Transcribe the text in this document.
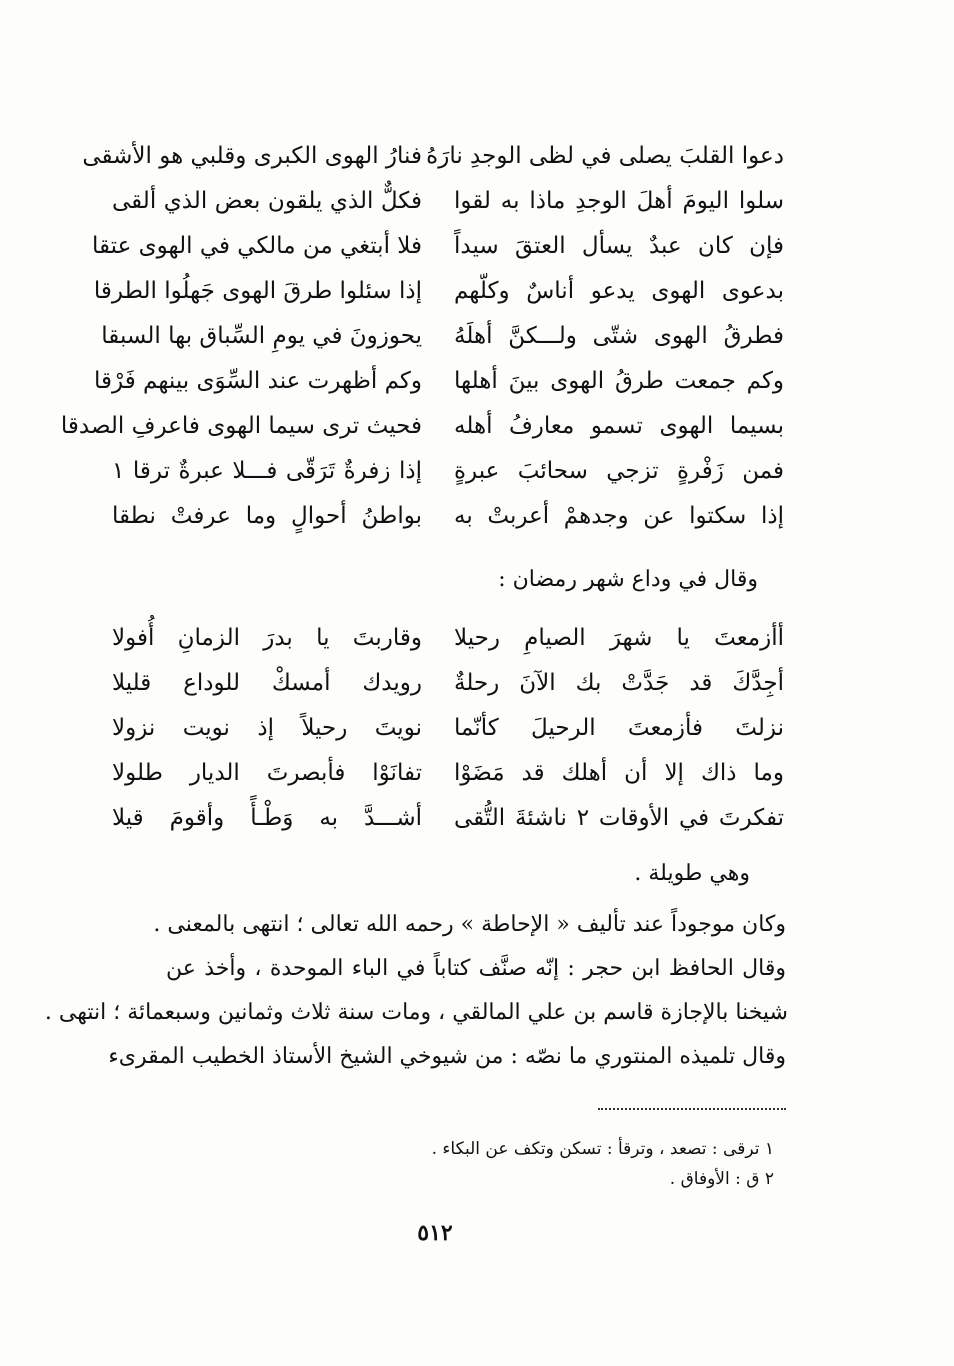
دعوا القلبَ يصلى في لظى الوجدِ نارَهُ
فنارُ الهوى الكبرى وقلبي هو الأشقى
سلوا اليومَ أهلَ الوجدِ ماذا به لقوا
فكلٌّ الذي يلقون بعض الذي ألقى
فإن كان عبدٌ يسأل العتقَ سيداً
فلا أبتغي من مالكي في الهوى عتقا
بدعوى الهوى يدعو أناسٌ وكلّهم
إذا سئلوا طرقَ الهوى جَهلُوا الطرقا
فطرقُ الهوى شتّى ولـــكنَّ أهلَهُ
يحوزونَ في يومِ السِّباق بها السبقا
وكم جمعت طرقُ الهوى بينَ أهلها
وكم أظهرت عند السِّوَى بينهم فَرْقا
بسيما الهوى تسمو معارفُ أهله
فحيث ترى سيما الهوى فاعرفِ الصدقا
فمن زَفْرةٍ تزجي سحائبَ عبرةٍ
إذا زفرةٌ تَرَقّى فـــلا عبرةٌ ترقا ١
إذا سكتوا عن وجدهمْ أعربتْ به
بواطنُ أحوالٍ وما عرفتْ نطقا
وقال في وداع شهر رمضان :
أأزمعتَ يا شهرَ الصيامِ رحيلا
وقاربتَ يا بدرَ الزمانِ أُفولا
أجِدَّكَ قد جَدَّتْ بك الآنَ رحلةٌ
رويدك أمسكْ للوداع قليلا
نزلتَ فأزمعتَ الرحيلَ كأنّما
نويتَ رحيلاً إذ نويت نزولا
وما ذاك إلا أن أهلك قد مَضَوْا
تفانَوْا فأبصرتَ الديار طلولا
تفكرتَ في الأوقات ٢ ناشئةَ التُّقى
أشـــدَّ به وَطْـأً وأقومَ قيلا
وهي طويلة .
وكان موجوداً عند تأليف « الإحاطة » رحمه الله تعالى ؛ انتهى بالمعنى .
وقال الحافظ ابن حجر : إنّه صنَّف كتاباً في الباء الموحدة ، وأخذ عن
شيخنا بالإجازة قاسم بن علي المالقي ، ومات سنة ثلاث وثمانين وسبعمائة ؛ انتهى .
وقال تلميذه المنتوري ما نصّه : من شيوخي الشيخ الأستاذ الخطيب المقرىء
١ ترقى : تصعد ، وترقأ : تسكن وتكف عن البكاء .
٢ ق : الأوفاق .
٥١٢
